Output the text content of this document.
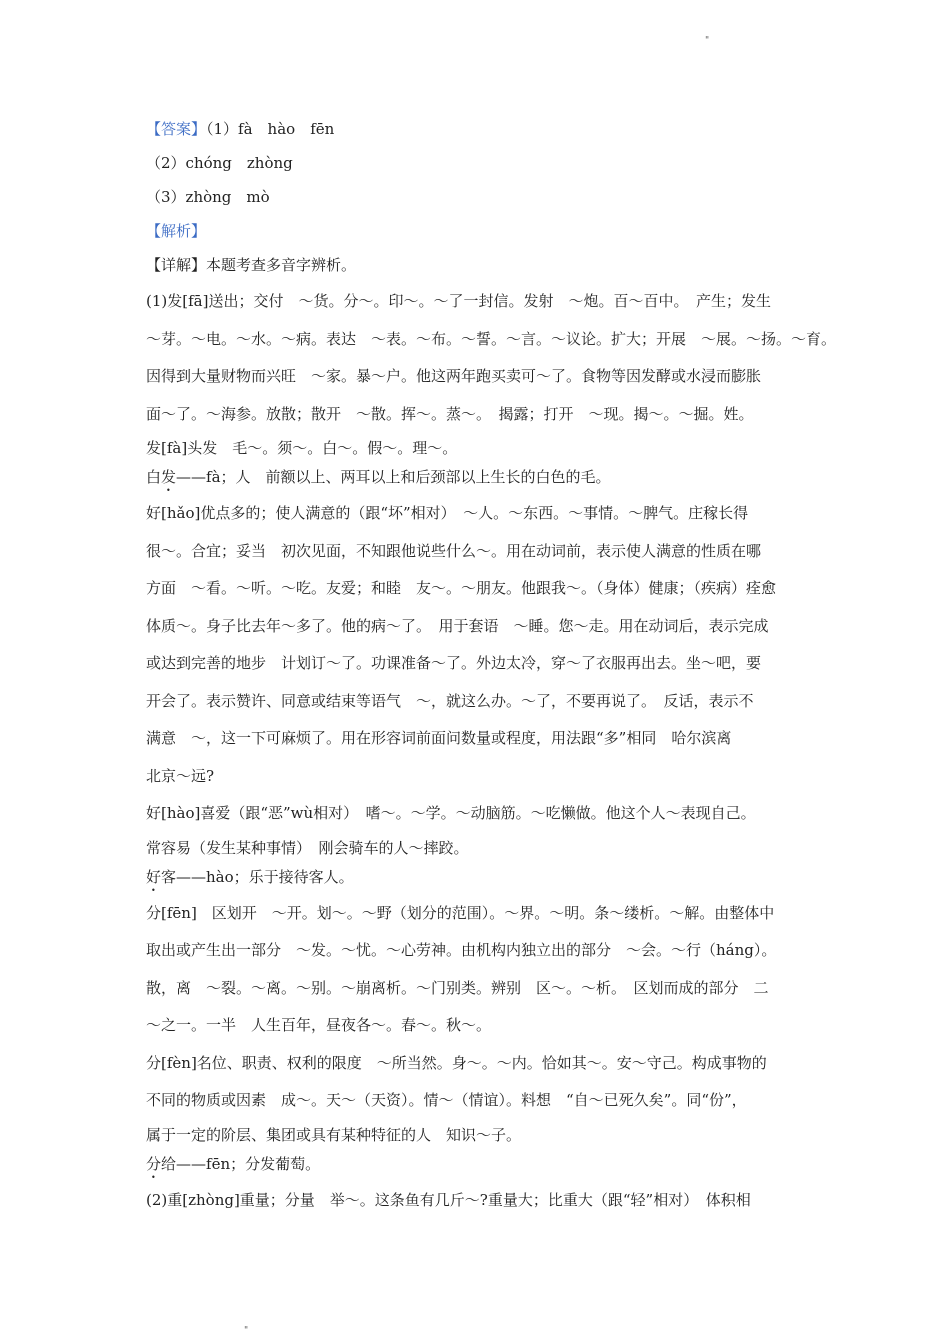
"
【答案】（1）fà　hào　fēn
（2）chóng　zhòng
（3）zhòng　mò
【解析】
【详解】本题考查多音字辨析。
(1)发[fā]送出；交付　～货。分～。印～。～了一封信。发射　～炮。百～百中。　产生；发生
～芽。～电。～水。～病。表达　～表。～布。～誓。～言。～议论。扩大；开展　～展。～扬。～育。
因得到大量财物而兴旺　～家。暴～户。他这两年跑买卖可～了。食物等因发酵或水浸而膨胀
面～了。～海参。放散；散开　～散。挥～。蒸～。　揭露；打开　～现。揭～。～掘。姓。
发[fà]头发　毛～。须～。白～。假～。理～。
白发——fà；人　前额以上、两耳以上和后颈部以上生长的白色的毛。
好[hǎo]优点多的；使人满意的（跟“坏”相对）　～人。～东西。～事情。～脾气。庄稼长得
很～。合宜；妥当　初次见面，不知跟他说些什么～。用在动词前，表示使人满意的性质在哪
方面　～看。～听。～吃。友爱；和睦　友～。～朋友。他跟我～。（身体）健康；（疾病）痊愈
体质～。身子比去年～多了。他的病～了。　用于套语　～睡。您～走。用在动词后，表示完成
或达到完善的地步　计划订～了。功课准备～了。外边太冷，穿～了衣服再出去。坐～吧，要
开会了。表示赞许、同意或结束等语气　～，就这么办。～了，不要再说了。　反话，表示不
满意　～，这一下可麻烦了。用在形容词前面问数量或程度，用法跟“多”相同　哈尔滨离
北京～远?
好[hào]喜爱（跟“恶”wù相对）　嗜～。～学。～动脑筋。～吃懒做。他这个人～表现自己。
常容易（发生某种事情）　刚会骑车的人～摔跤。
好客——hào；乐于接待客人。
分[fēn]　区划开　～开。划～。～野（划分的范围）。～界。～明。条～缕析。～解。由整体中
取出或产生出一部分　～发。～忧。～心劳神。由机构内独立出的部分　～会。～行（háng）。
散，离　～裂。～离。～别。～崩离析。～门别类。辨别　区～。～析。　区划而成的部分　二
～之一。一半　人生百年，昼夜各～。春～。秋～。
分[fèn]名位、职责、权利的限度　～所当然。身～。～内。恰如其～。安～守己。构成事物的
不同的物质或因素　成～。天～（天资）。情～（情谊）。料想　“自～已死久矣”。同“份”，
属于一定的阶层、集团或具有某种特征的人　知识～子。
分给——fēn；分发葡萄。
(2)重[zhòng]重量；分量　举～。这条鱼有几斤～?重量大；比重大（跟“轻”相对）　体积相
"
